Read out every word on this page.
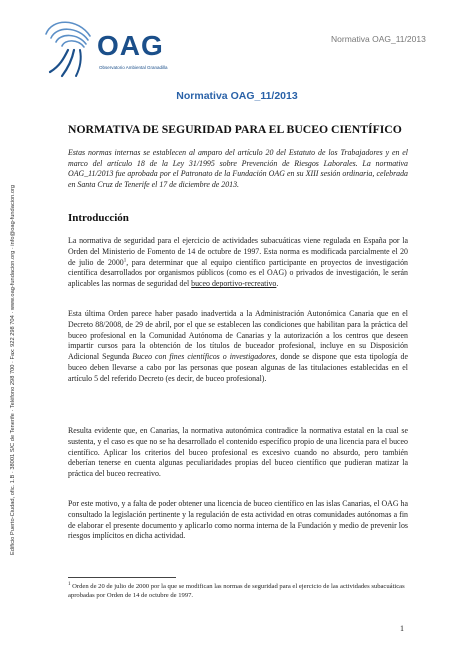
OAG
Observatorio Ambiental Granadilla
Normativa OAG_11/2013
Edificio Puerto-Ciudad, ofic. 1.B · 38001 S/C de Tenerife · Teléfono 298 700 · Fax: 922 298 704 · www.oag-fundacion.org · info@oag-fundacion.org
Normativa OAG_11/2013
NORMATIVA DE SEGURIDAD PARA EL BUCEO CIENTÍFICO
Estas normas internas se establecen al amparo del artículo 20 del Estatuto de los Trabajadores y en el marco del artículo 18 de la Ley 31/1995 sobre Prevención de Riesgos Laborales. La normativa OAG_11/2013 fue aprobada por el Patronato de la Fundación OAG en su XIII sesión ordinaria, celebrada en Santa Cruz de Tenerife el 17 de diciembre de 2013.
Introducción
La normativa de seguridad para el ejercicio de actividades subacuáticas viene regulada en España por la Orden del Ministerio de Fomento de 14 de octubre de 1997. Esta norma es modificada parcialmente el 20 de julio de 2000$^1$, para determinar que al equipo científico participante en proyectos de investigación científica desarrollados por organismos públicos (como es el OAG) o privados de investigación, le serán aplicables las normas de seguridad del buceo deportivo-recreativo.
Esta última Orden parece haber pasado inadvertida a la Administración Autonómica Canaria que en el Decreto 88/2008, de 29 de abril, por el que se establecen las condiciones que habilitan para la práctica del buceo profesional en la Comunidad Autónoma de Canarias y la autorización a los centros que deseen impartir cursos para la obtención de los títulos de buceador profesional, incluye en su Disposición Adicional Segunda Buceo con fines científicos o investigadores, donde se dispone que esta tipología de buceo deben llevarse a cabo por las personas que posean algunas de las titulaciones establecidas en el artículo 5 del referido Decreto (es decir, de buceo profesional).
Resulta evidente que, en Canarias, la normativa autonómica contradice la normativa estatal en la cual se sustenta, y el caso es que no se ha desarrollado el contenido específico propio de una licencia para el buceo científico. Aplicar los criterios del buceo profesional es excesivo cuando no absurdo, pero también deberían tenerse en cuenta algunas peculiaridades propias del buceo científico que pudieran matizar la práctica del buceo recreativo.
Por este motivo, y a falta de poder obtener una licencia de buceo científico en las islas Canarias, el OAG ha consultado la legislación pertinente y la regulación de esta actividad en otras comunidades autónomas a fin de elaborar el presente documento y aplicarlo como norma interna de la Fundación y medio de prevenir los riesgos implícitos en dicha actividad.
$^1$ Orden de 20 de julio de 2000 por la que se modifican las normas de seguridad para el ejercicio de las actividades subacuáticas aprobadas por Orden de 14 de octubre de 1997.
1
